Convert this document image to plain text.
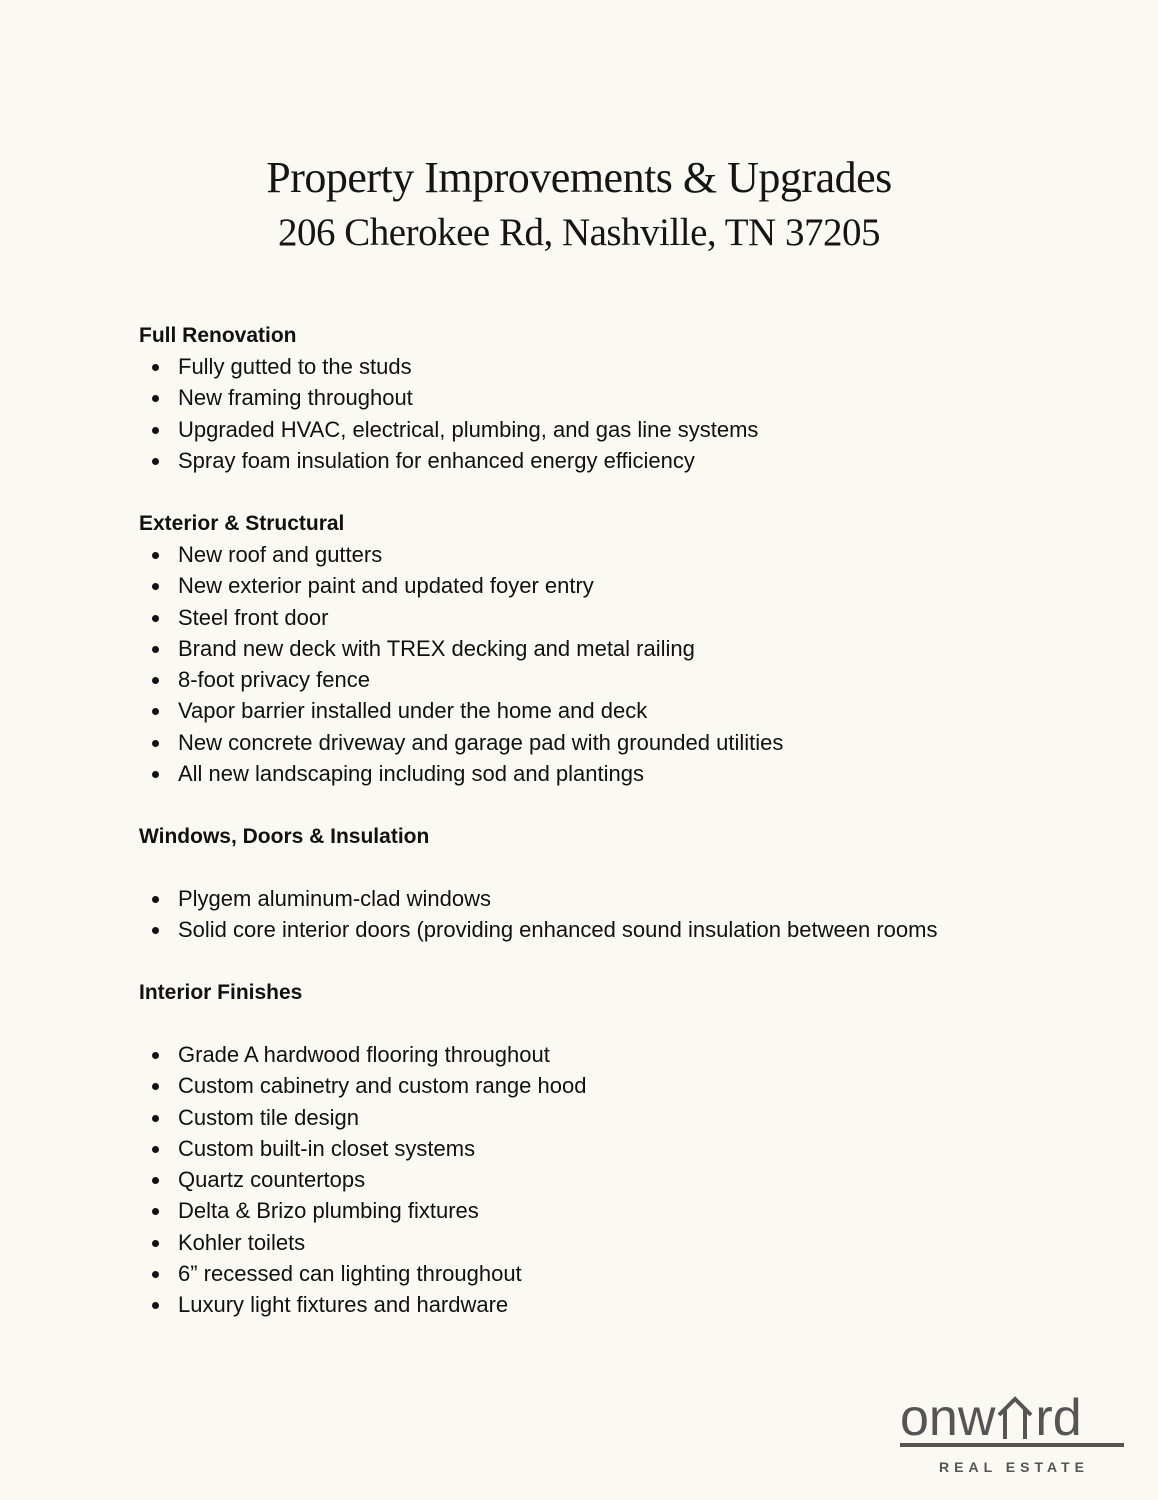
Property Improvements & Upgrades
206 Cherokee Rd, Nashville, TN 37205
Full Renovation
Fully gutted to the studs
New framing throughout
Upgraded HVAC, electrical, plumbing, and gas line systems
Spray foam insulation for enhanced energy efficiency
Exterior & Structural
New roof and gutters
New exterior paint and updated foyer entry
Steel front door
Brand new deck with TREX decking and metal railing
8-foot privacy fence
Vapor barrier installed under the home and deck
New concrete driveway and garage pad with grounded utilities
All new landscaping including sod and plantings
Windows, Doors & Insulation
Plygem aluminum-clad windows
Solid core interior doors (providing enhanced sound insulation between rooms
Interior Finishes
Grade A hardwood flooring throughout
Custom cabinetry and custom range hood
Custom tile design
Custom built-in closet systems
Quartz countertops
Delta & Brizo plumbing fixtures
Kohler toilets
6” recessed can lighting throughout
Luxury light fixtures and hardware
onw rd
REAL ESTATE
